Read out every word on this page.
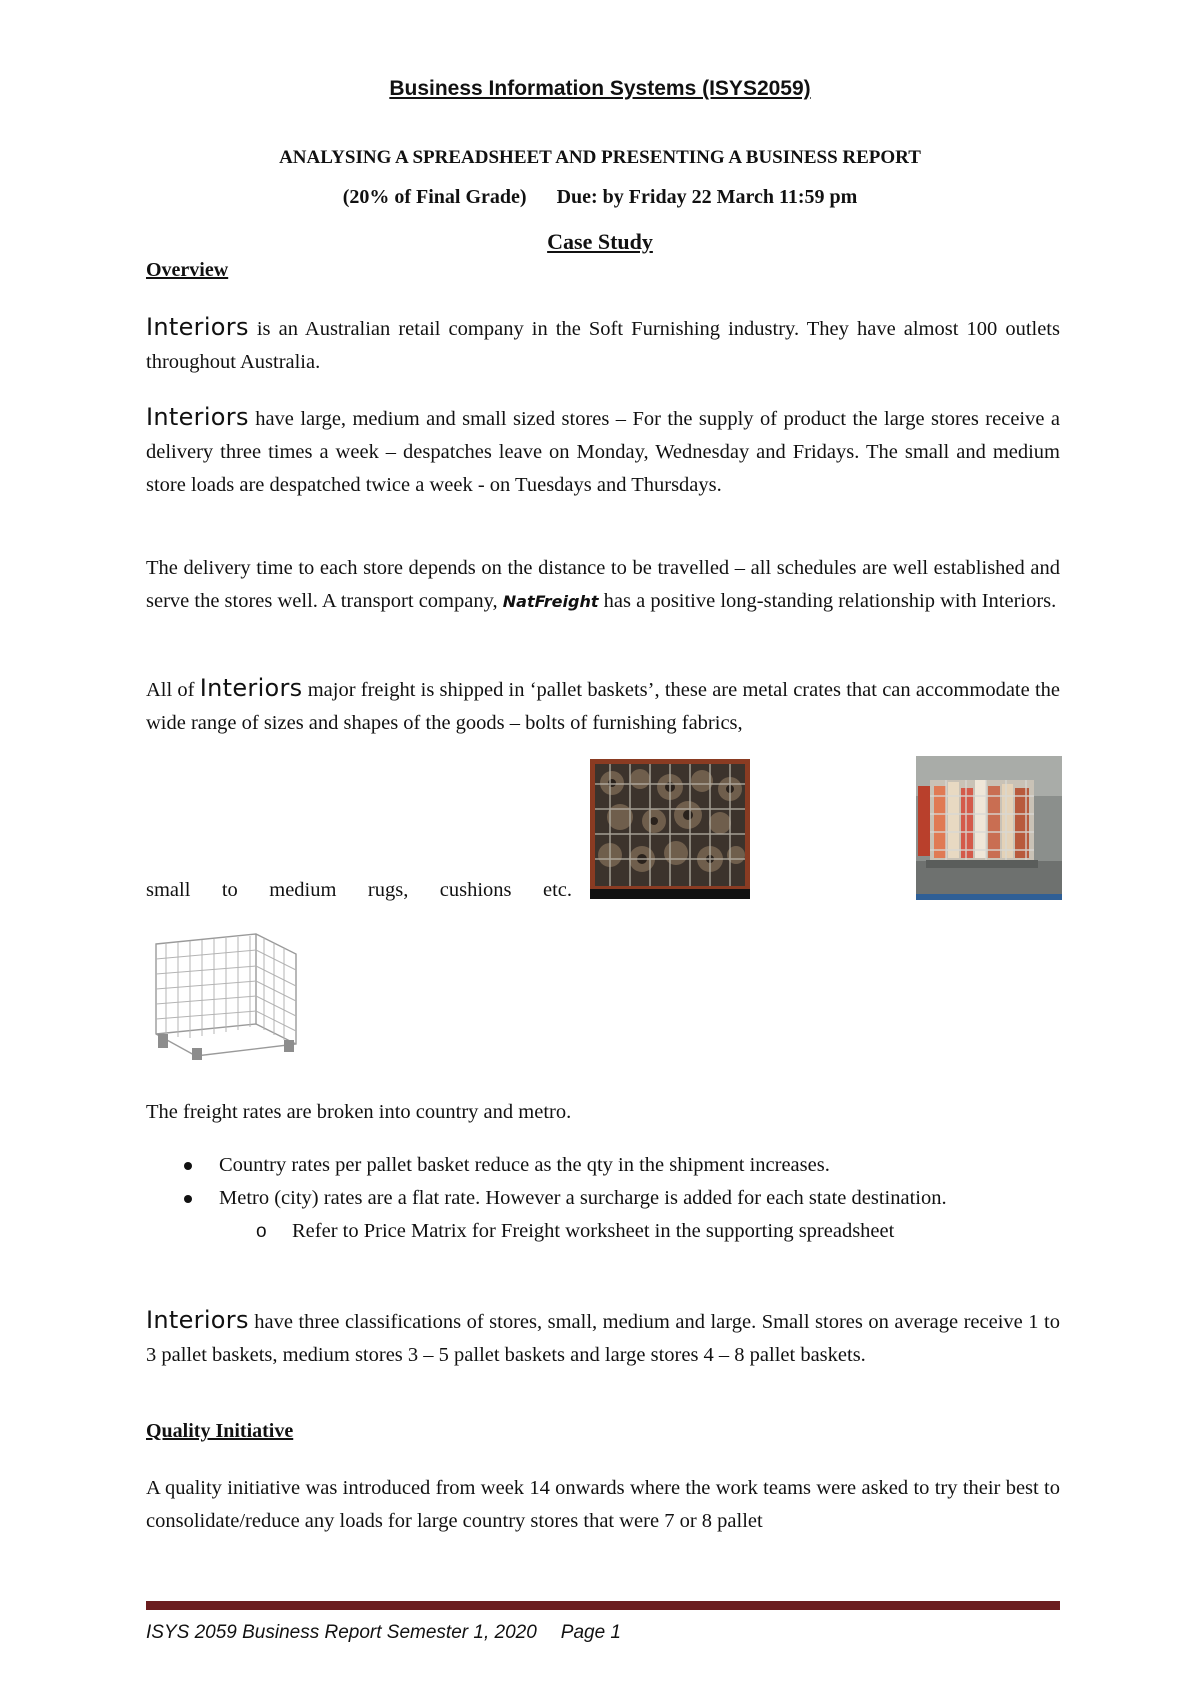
Business Information Systems (ISYS2059)
ANALYSING A SPREADSHEET AND PRESENTING A BUSINESS REPORT
(20% of Final Grade) Due: by Friday 22 March 11:59 pm
Case Study
Overview
Interiors is an Australian retail company in the Soft Furnishing industry. They have almost 100 outlets throughout Australia.
Interiors have large, medium and small sized stores – For the supply of product the large stores receive a delivery three times a week – despatches leave on Monday, Wednesday and Fridays. The small and medium store loads are despatched twice a week - on Tuesdays and Thursdays.
The delivery time to each store depends on the distance to be travelled – all schedules are well established and serve the stores well. A transport company, NatFreight has a positive long-standing relationship with Interiors.
All of Interiors major freight is shipped in ‘pallet baskets’, these are metal crates that can accommodate the wide range of sizes and shapes of the goods – bolts of furnishing fabrics,
small to medium rugs, cushions etc.
The freight rates are broken into country and metro.
Country rates per pallet basket reduce as the qty in the shipment increases.
Metro (city) rates are a flat rate. However a surcharge is added for each state destination.
o Refer to Price Matrix for Freight worksheet in the supporting spreadsheet
Interiors have three classifications of stores, small, medium and large. Small stores on average receive 1 to 3 pallet baskets, medium stores 3 – 5 pallet baskets and large stores 4 – 8 pallet baskets.
Quality Initiative
A quality initiative was introduced from week 14 onwards where the work teams were asked to try their best to consolidate/reduce any loads for large country stores that were 7 or 8 pallet
ISYS 2059 Business Report Semester 1, 2020 Page 1
